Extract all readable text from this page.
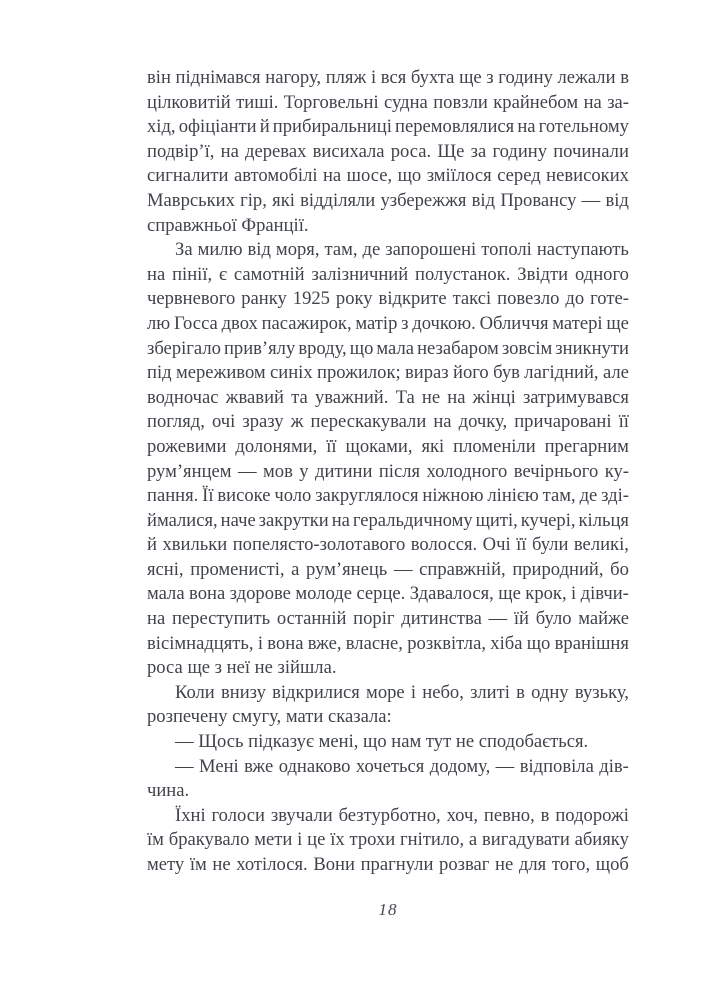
він піднімався нагору, пляж і вся бухта ще з годину лежали в
цілковитій тиші. Торговельні судна повзли крайнебом на за-
хід, офіціанти й прибиральниці перемовлялися на готельному
подвір’ї, на деревах висихала роса. Ще за годину починали
сигналити автомобілі на шосе, що зміїлося серед невисоких
Маврських гір, які відділяли узбережжя від Провансу — від
справжньої Франції.
За милю від моря, там, де запорошені тополі наступають
на пінії, є самотній залізничний полустанок. Звідти одного
червневого ранку 1925 року відкрите таксі повезло до готе-
лю Госса двох пасажирок, матір з дочкою. Обличчя матері ще
зберігало прив’ялу вроду, що мала незабаром зовсім зникнути
під мереживом синіх прожилок; вираз його був лагідний, але
водночас жвавий та уважний. Та не на жінці затримувався
погляд, очі зразу ж перескакували на дочку, причаровані її
рожевими долонями, її щоками, які пломеніли прегарним
рум’янцем — мов у дитини після холодного вечірнього ку-
пання. Її високе чоло закруглялося ніжною лінією там, де зді-
ймалися, наче закрутки на геральдичному щиті, кучері, кільця
й хвильки попелясто-золотавого волосся. Очі її були великі,
ясні, променисті, а рум’янець — справжній, природний, бо
мала вона здорове молоде серце. Здавалося, ще крок, і дівчи-
на переступить останній поріг дитинства — їй було майже
вісімнадцять, і вона вже, власне, розквітла, хіба що вранішня
роса ще з неї не зійшла.
Коли внизу відкрилися море і небо, злиті в одну вузьку,
розпечену смугу, мати сказала:
— Щось підказує мені, що нам тут не сподобається.
— Мені вже однаково хочеться додому, — відповіла дів-
чина.
Їхні голоси звучали безтурботно, хоч, певно, в подорожі
їм бракувало мети і це їх трохи гнітило, а вигадувати абияку
мету їм не хотілося. Вони прагнули розваг не для того, щоб
18
